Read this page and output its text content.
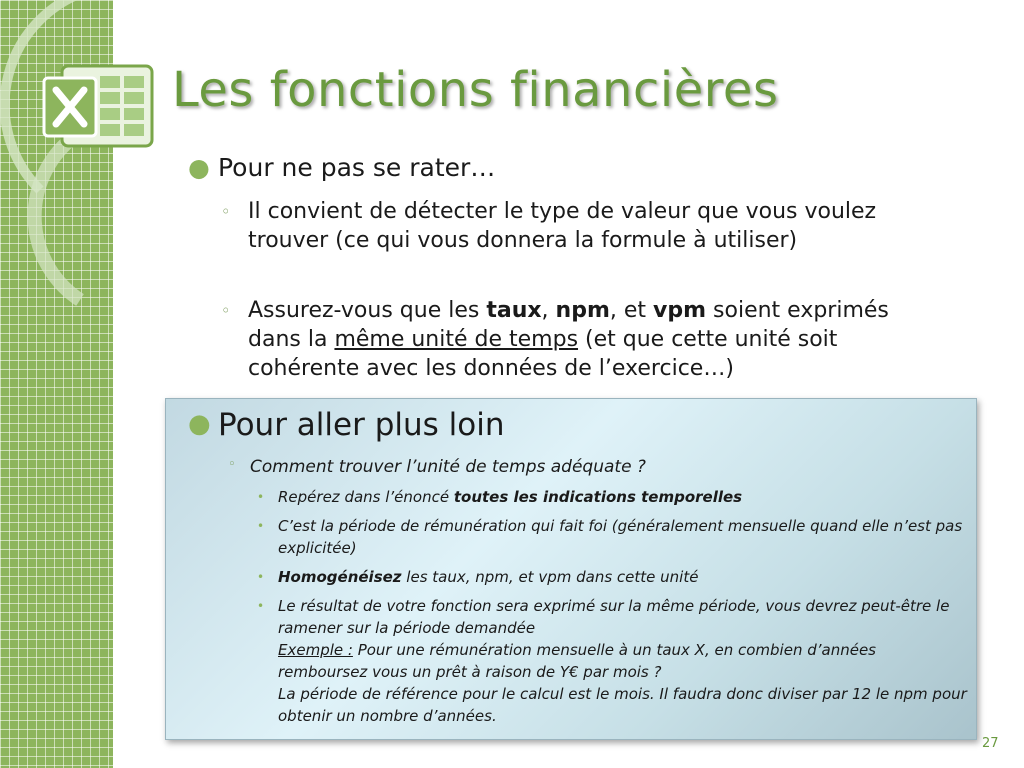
Les fonctions financières
● Pour ne pas se rater…
◦ Il convient de détecter le type de valeur que vous voulez trouver (ce qui vous donnera la formule à utiliser)
◦ Assurez-vous que les taux, npm, et vpm soient exprimés dans la même unité de temps (et que cette unité soit cohérente avec les données de l’exercice…)
● Pour aller plus loin
◦ Comment trouver l’unité de temps adéquate ?
• Repérez dans l’énoncé toutes les indications temporelles
• C’est la période de rémunération qui fait foi (généralement mensuelle quand elle n’est pas explicitée)
• Homogénéisez les taux, npm, et vpm dans cette unité
• Le résultat de votre fonction sera exprimé sur la même période, vous devrez peut-être le ramener sur la période demandée
Exemple : Pour une rémunération mensuelle à un taux X, en combien d’années remboursez vous un prêt à raison de Y€ par mois ?
La période de référence pour le calcul est le mois. Il faudra donc diviser par 12 le npm pour obtenir un nombre d’années.
27
